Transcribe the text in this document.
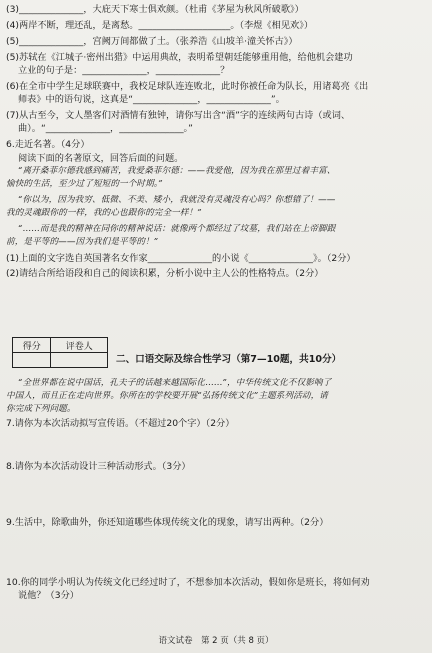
(3)______________，大庇天下寒士俱欢颜。（杜甫《茅屋为秋风所破歌》）
(4)两岸不断，理还乱，是离愁。____________________。（李煜《相见欢》）
(5)______________，宫阙万间都做了土。（张养浩《山坡羊·潼关怀古》）
(5)苏轼在《江城子·密州出猎》中运用典故，表明希望朝廷能够重用他，给他机会建功
立业的句子是：______________，______________？
(6)在全市中学生足球联赛中，我校足球队连连败北，此时你被任命为队长，用诸葛亮《出
师表》中的语句说，这真是“______________，______________”。
(7)从古至今，文人墨客们对酒情有独钟，请你写出含“酒”字的连续两句古诗（或词、
曲）。“______________，______________。”
6.走近名著。（4分）
阅读下面的名著原文，回答后面的问题。
“离开桑菲尔德我感到痛苦，我爱桑菲尔德：——我爱他，因为我在那里过着丰富、
愉快的生活，至少过了短短的一个时期。”
“你以为，因为我穷、低微、不美、矮小，我就没有灵魂没有心吗？你想错了！——
我的灵魂跟你的一样，我的心也跟你的完全一样！”
“……而是我的精神在同你的精神说话：就像两个都经过了坟墓，我们站在上帝脚跟
前，是平等的——因为我们是平等的！”
(1)上面的文字选自英国著名女作家______________的小说《______________》。（2分）
(2)请结合所给语段和自己的阅读积累，分析小说中主人公的性格特点。（2分）
得分	评卷人

二、口语交际及综合性学习（第7—10题，共10分）
“全世界都在说中国话，孔夫子的话越来越国际化……”，中华传统文化不仅影响了
中国人，而且正在走向世界。你所在的学校要开展“弘扬传统文化”主题系列活动，请
你完成下列问题。
7.请你为本次活动拟写宣传语。（不超过20个字）（2分）
8.请你为本次活动设计三种活动形式。（3分）
9.生活中，除歌曲外，你还知道哪些体现传统文化的现象，请写出两种。（2分）
10.你的同学小明认为传统文化已经过时了，不想参加本次活动，假如你是班长，将如何劝
说他？（3分）
语文试卷　第 2 页（共 8 页）
